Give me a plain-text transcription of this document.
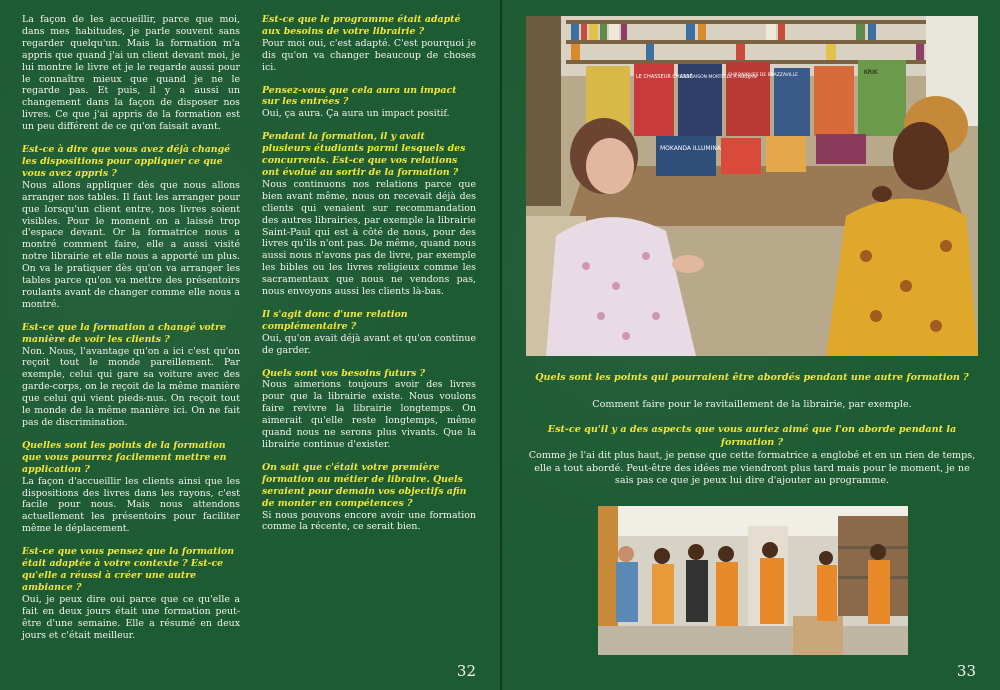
La façon de les accueillir, parce que moi, dans mes habitudes, je parle souvent sans regarder quelqu'un. Mais la formation m'a appris que quand j'ai un client devant moi, je lui montre le livre et je le regarde aussi pour le connaître mieux que quand je ne le regarde pas. Et puis, il y a aussi un changement dans la façon de disposer nos livres. Ce que j'ai appris de la formation est un peu différent de ce qu'on faisait avant.
Est-ce à dire que vous avez déjà changé les dispositions pour appliquer ce que vous avez appris ?
Nous allons appliquer dès que nous allons arranger nos tables. Il faut les arranger pour que lorsqu'un client entre, nos livres soient visibles. Pour le moment on a laissé trop d'espace devant. Or la formatrice nous a montré comment faire, elle a aussi visité notre librairie et elle nous a apporté un plus. On va le pratiquer dès qu'on va arranger les tables parce qu'on va mettre des présentoirs roulants avant de changer comme elle nous a montré.
Est-ce que la formation a changé votre manière de voir les clients ?
Non. Nous, l'avantage qu'on a ici c'est qu'on reçoit tout le monde pareillement. Par exemple, celui qui gare sa voiture avec des garde-corps, on le reçoit de la même manière que celui qui vient pieds-nus. On reçoit tout le monde de la même manière ici. On ne fait pas de discrimination.
Quelles sont les points de la formation que vous pourrez facilement mettre en application ?
La façon d'accueillir les clients ainsi que les dispositions des livres dans les rayons, c'est facile pour nous. Mais nous attendons actuellement les présentoirs pour faciliter même le déplacement.
Est-ce que vous pensez que la formation était adaptée à votre contexte ? Est-ce qu'elle a réussi à créer une autre ambiance ?
Oui, je peux dire oui parce que ce qu'elle a fait en deux jours était une formation peut-être d'une semaine. Elle a résumé en deux jours et c'était meilleur.
Est-ce que le programme était adapté aux besoins de votre librairie ?
Pour moi oui, c'est adapté. C'est pourquoi je dis qu'on va changer beaucoup de choses ici.
Pensez-vous que cela aura un impact sur les entrées ?
Oui, ça aura. Ça aura un impact positif.
Pendant la formation, il y avait plusieurs étudiants parmi lesquels des concurrents. Est-ce que vos relations ont évolué au sortir de la formation ?
Nous continuons nos relations parce que bien avant même, nous on recevait déjà des clients qui venaient sur recommandation des autres librairies, par exemple la librairie Saint-Paul qui est à côté de nous, pour des livres qu'ils n'ont pas. De même, quand nous aussi nous n'avons pas de livre, par exemple les bibles ou les livres religieux comme les sacramentaux que nous ne vendons pas, nous envoyons aussi les clients là-bas.
Il s'agit donc d'une relation complémentaire ?
Oui, qu'on avait déjà avant et qu'on continue de garder.
Quels sont vos besoins futurs ?
Nous aimerions toujours avoir des livres pour que la librairie existe. Nous voulons faire revivre la librairie longtemps. On aimerait qu'elle reste longtemps, même quand nous ne serons plus vivants. Que la librairie continue d'exister.
On sait que c'était votre première formation au métier de libraire. Quels seraient pour demain vos objectifs afin de monter en compétences ?
Si nous pouvons encore avoir une formation comme la récente, ce serait bien.
32
LE CHASSEUR CHASSÉ
CARGAISON MORTELLE À ABIDJAN
CHRONIQUES DE BRAZZAVILLE
MOKANDA ILLUMINA
KRIK
Quels sont les points qui pourraient être abordés pendant une autre formation ?
Comment faire pour le ravitaillement de la librairie, par exemple.
Est-ce qu'il y a des aspects que vous auriez aimé que l'on aborde pendant la formation ?
Comme je l'ai dit plus haut, je pense que cette formatrice a englobé et en un rien de temps, elle a tout abordé. Peut-être des idées me viendront plus tard mais pour le moment, je ne sais pas ce que je peux lui dire d'ajouter au programme.
33
